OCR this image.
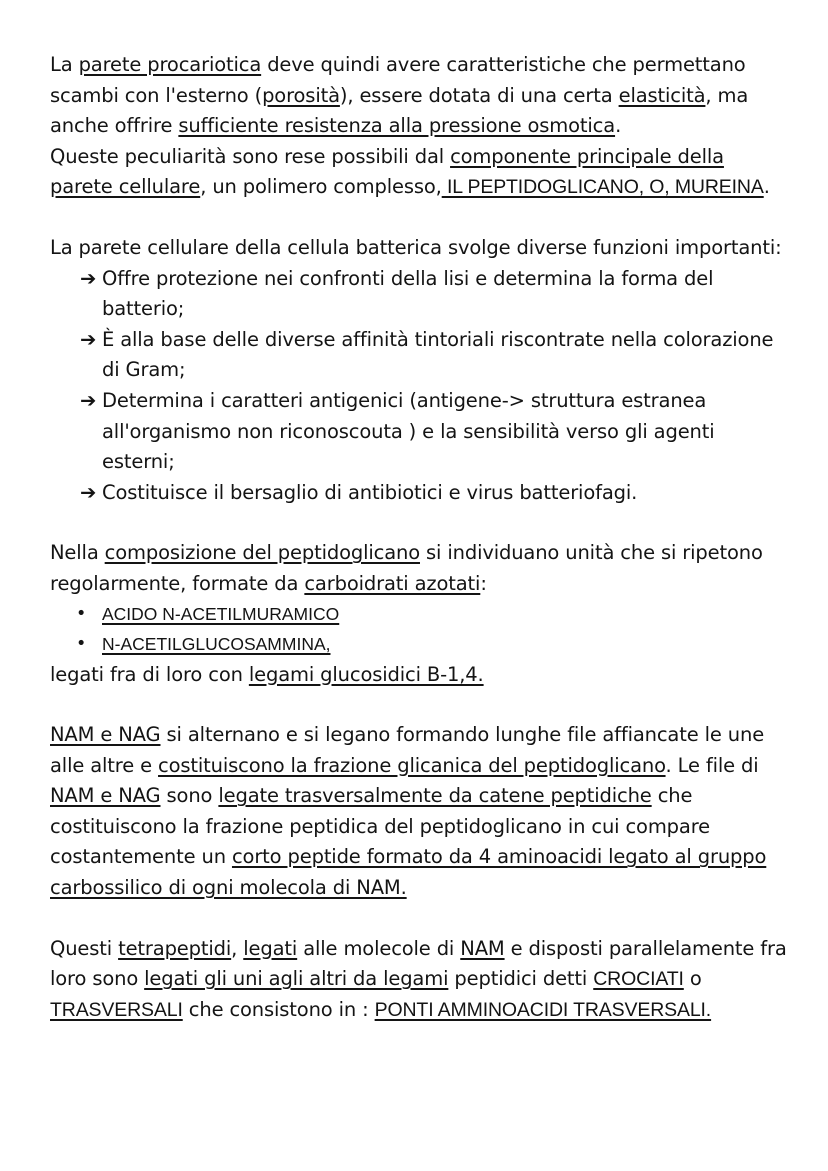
La parete procariotica deve quindi avere caratteristiche che permettano scambi con l'esterno (porosità), essere dotata di una certa elasticità, ma anche offrire sufficiente resistenza alla pressione osmotica.

Queste peculiarità sono rese possibili dal componente principale della parete cellulare, un polimero complesso, IL PEPTIDOGLICANO, O, MUREINA.

La parete cellulare della cellula batterica svolge diverse funzioni importanti:

➔ Offre protezione nei confronti della lisi e determina la forma del batterio;
➔ È alla base delle diverse affinità tintoriali riscontrate nella colorazione di Gram;
➔ Determina i caratteri antigenici (antigene-> struttura estranea all'organismo non riconoscouta ) e la sensibilità verso gli agenti esterni;
➔ Costituisce il bersaglio di antibiotici e virus batteriofagi.

Nella composizione del peptidoglicano si individuano unità che si ripetono regolarmente, formate da carboidrati azotati:

• ACIDO N-ACETILMURAMICO
• N-ACETILGLUCOSAMMINA,

legati fra di loro con legami glucosidici B-1,4.

NAM e NAG si alternano e si legano formando lunghe file affiancate le une alle altre e costituiscono la frazione glicanica del peptidoglicano. Le file di NAM e NAG sono legate trasversalmente da catene peptidiche che costituiscono la frazione peptidica del peptidoglicano in cui compare costantemente un corto peptide formato da 4 aminoacidi legato al gruppo carbossilico di ogni molecola di NAM.

Questi tetrapeptidi, legati alle molecole di NAM e disposti parallelamente fra loro sono legati gli uni agli altri da legami peptidici detti CROCIATI o TRASVERSALI che consistono in : PONTI AMMINOACIDI TRASVERSALI.
